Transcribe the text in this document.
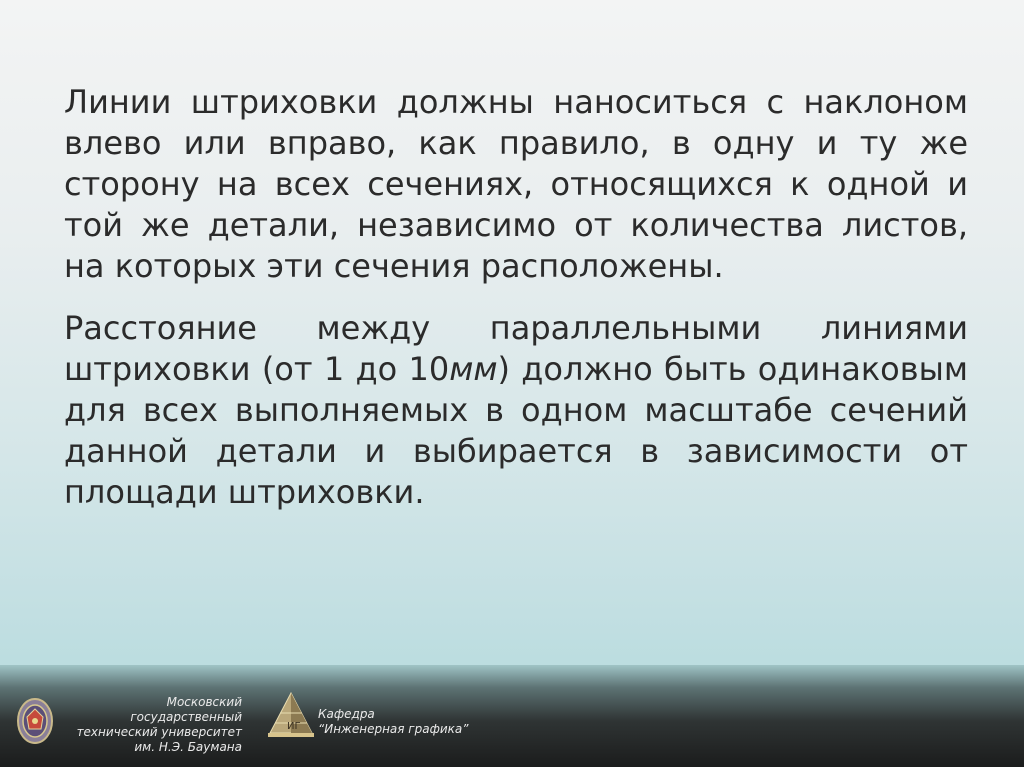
Линии штриховки должны наноситься с наклоном влево или вправо, как правило, в одну и ту же сторону на всех сечениях, относящихся к одной и той же детали, независимо от количества листов, на которых эти сечения расположены.

Расстояние между параллельными линиями штриховки (от 1 до 10мм) должно быть одинаковым для всех выполняемых в одном масштабе сечений данной детали и выбирается в зависимости от площади штриховки.

Московский государственный
технический университет
им. Н.Э. Баумана
ИГ
Кафедра
“Инженерная графика”
